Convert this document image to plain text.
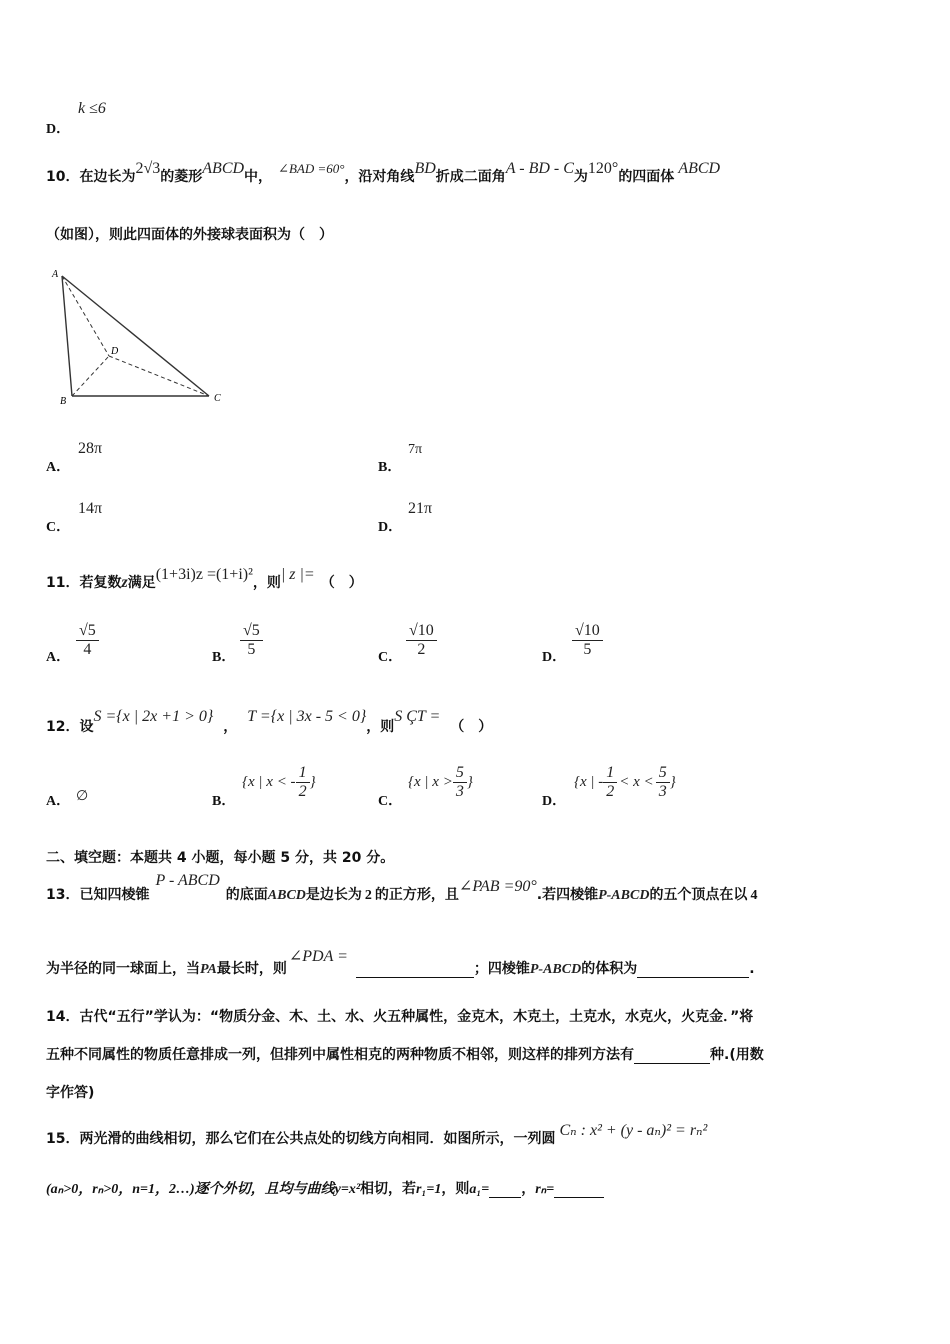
D．
k ≤6
10．在边长为2√3的菱形ABCD中，$^{\angle BAD =60^\circ}$，沿对角线BD折成二面角A - BD - C为120°的四面体 ABCD
（如图），则此四面体的外接球表面积为（　）
A
B
D
C
A．
28π
B．
7π
C．
14π
D．
21π
11．若复数z满足(1+3i)z =(1+i)²，则| z |= （　）
A． $\frac{√5}{4}$	B． $\frac{√5}{5}$	C． $\frac{√10}{2}$	D． $\frac{√10}{5}$
12．设S ={x | 2x +1 > 0}，T ={x | 3x - 5 < 0}，则S ÇT =（　）
A． ∅	B．
{x | x < - $\frac{1}{2}$ }
C．
{x | $x > \frac{5}{3}$ }
D．
{x | - $\frac{1}{2} < x < \frac{5}{3}$ }
二、填空题：本题共 4 小题，每小题 5 分，共 20 分。
13．已知四棱锥P - ABCD的底面ABCD是边长为 2 的正方形，且∠PAB =90°.若四棱锥P-ABCD的五个顶点在以 4
为半径的同一球面上，当PA最长时，则∠PDA =；四棱锥P-ABCD的体积为	.
14．古代“五行”学认为：“物质分金、木、土、水、火五种属性，金克木，木克土，土克水，水克火，火克金．”将
五种不同属性的物质任意排成一列，但排列中属性相克的两种物质不相邻，则这样的排列方法有	种.(用数
字作答)
15．两光滑的曲线相切，那么它们在公共点处的切线方向相同．如图所示，一列圆 Cₙ : x² + (y - aₙ)² = rₙ²
(aₙ>0，rₙ>0，n=1，2…)逐个外切，且均与曲线y=x²相切，若r₁=1，则a₁= ，rₙ=
